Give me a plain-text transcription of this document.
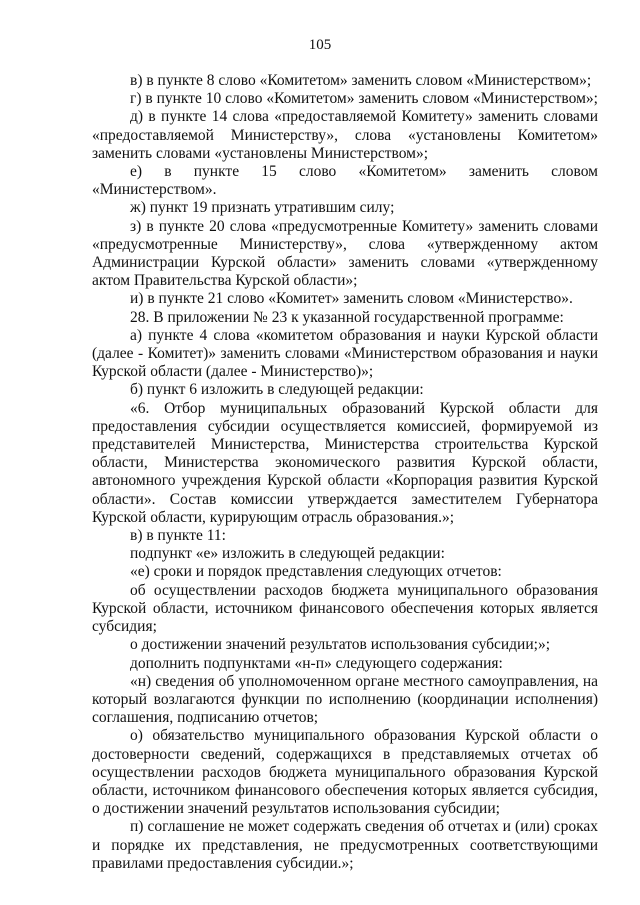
105

в) в пункте 8 слово «Комитетом» заменить словом «Министерством»;

г) в пункте 10 слово «Комитетом» заменить словом «Министерством»;

д) в пункте 14 слова «предоставляемой Комитету» заменить словами «предоставляемой Министерству», слова «установлены Комитетом» заменить словами «установлены Министерством»;

е) в пункте 15 слово «Комитетом» заменить словом «Министерством».

ж) пункт 19 признать утратившим силу;

з) в пункте 20 слова «предусмотренные Комитету» заменить словами «предусмотренные Министерству», слова «утвержденному актом Администрации Курской области» заменить словами «утвержденному актом Правительства Курской области»;

и) в пункте 21 слово «Комитет» заменить словом «Министерство».

28. В приложении № 23 к указанной государственной программе:

а) пункте 4 слова «комитетом образования и науки Курской области (далее - Комитет)» заменить словами «Министерством образования и науки Курской области (далее - Министерство)»;

б) пункт 6 изложить в следующей редакции:

«6. Отбор муниципальных образований Курской области для предоставления субсидии осуществляется комиссией, формируемой из представителей Министерства, Министерства строительства Курской области, Министерства экономического развития Курской области, автономного учреждения Курской области «Корпорация развития Курской области». Состав комиссии утверждается заместителем Губернатора Курской области, курирующим отрасль образования.»;

в) в пункте 11:

подпункт «е» изложить в следующей редакции:

«е) сроки и порядок представления следующих отчетов:

об осуществлении расходов бюджета муниципального образования Курской области, источником финансового обеспечения которых является субсидия;

о достижении значений результатов использования субсидии;»;

дополнить подпунктами «н-п» следующего содержания:

«н) сведения об уполномоченном органе местного самоуправления, на который возлагаются функции по исполнению (координации исполнения) соглашения, подписанию отчетов;

о) обязательство муниципального образования Курской области о достоверности сведений, содержащихся в представляемых отчетах об осуществлении расходов бюджета муниципального образования Курской области, источником финансового обеспечения которых является субсидия, о достижении значений результатов использования субсидии;

п) соглашение не может содержать сведения об отчетах и (или) сроках и порядке их представления, не предусмотренных соответствующими правилами предоставления субсидии.»;
